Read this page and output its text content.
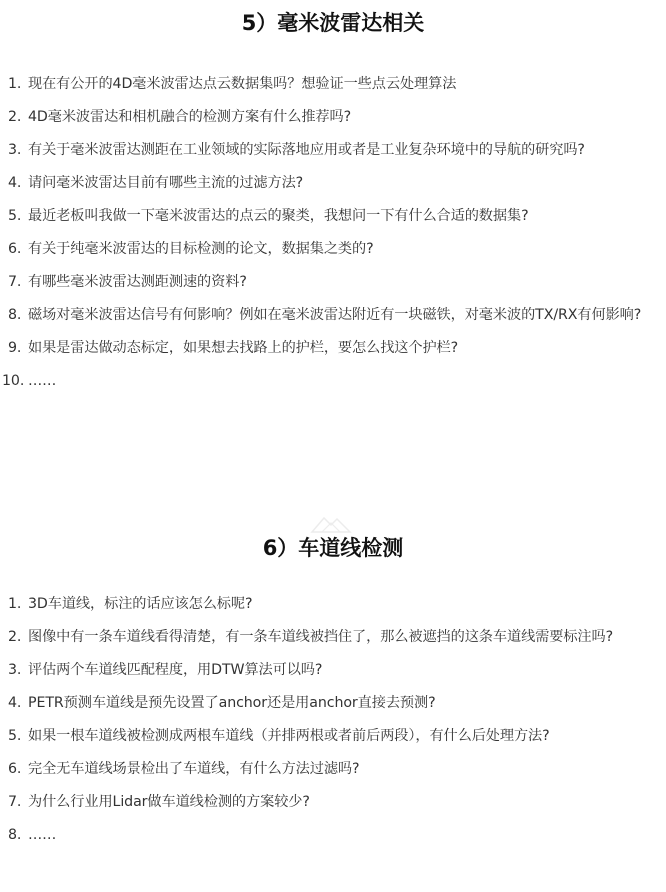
5）毫米波雷达相关
1. 现在有公开的4D毫米波雷达点云数据集吗？想验证一些点云处理算法
2. 4D毫米波雷达和相机融合的检测方案有什么推荐吗?
3. 有关于毫米波雷达测距在工业领域的实际落地应用或者是工业复杂环境中的导航的研究吗?
4. 请问毫米波雷达目前有哪些主流的过滤方法?
5. 最近老板叫我做一下毫米波雷达的点云的聚类，我想问一下有什么合适的数据集?
6. 有关于纯毫米波雷达的目标检测的论文，数据集之类的?
7. 有哪些毫米波雷达测距测速的资料?
8. 磁场对毫米波雷达信号有何影响？例如在毫米波雷达附近有一块磁铁，对毫米波的TX/RX有何影响?
9. 如果是雷达做动态标定，如果想去找路上的护栏，要怎么找这个护栏?
10. ……
6）车道线检测
1. 3D车道线，标注的话应该怎么标呢?
2. 图像中有一条车道线看得清楚，有一条车道线被挡住了，那么被遮挡的这条车道线需要标注吗?
3. 评估两个车道线匹配程度，用DTW算法可以吗?
4. PETR预测车道线是预先设置了anchor还是用anchor直接去预测?
5. 如果一根车道线被检测成两根车道线（并排两根或者前后两段），有什么后处理方法?
6. 完全无车道线场景检出了车道线，有什么方法过滤吗?
7. 为什么行业用Lidar做车道线检测的方案较少?
8. ……
